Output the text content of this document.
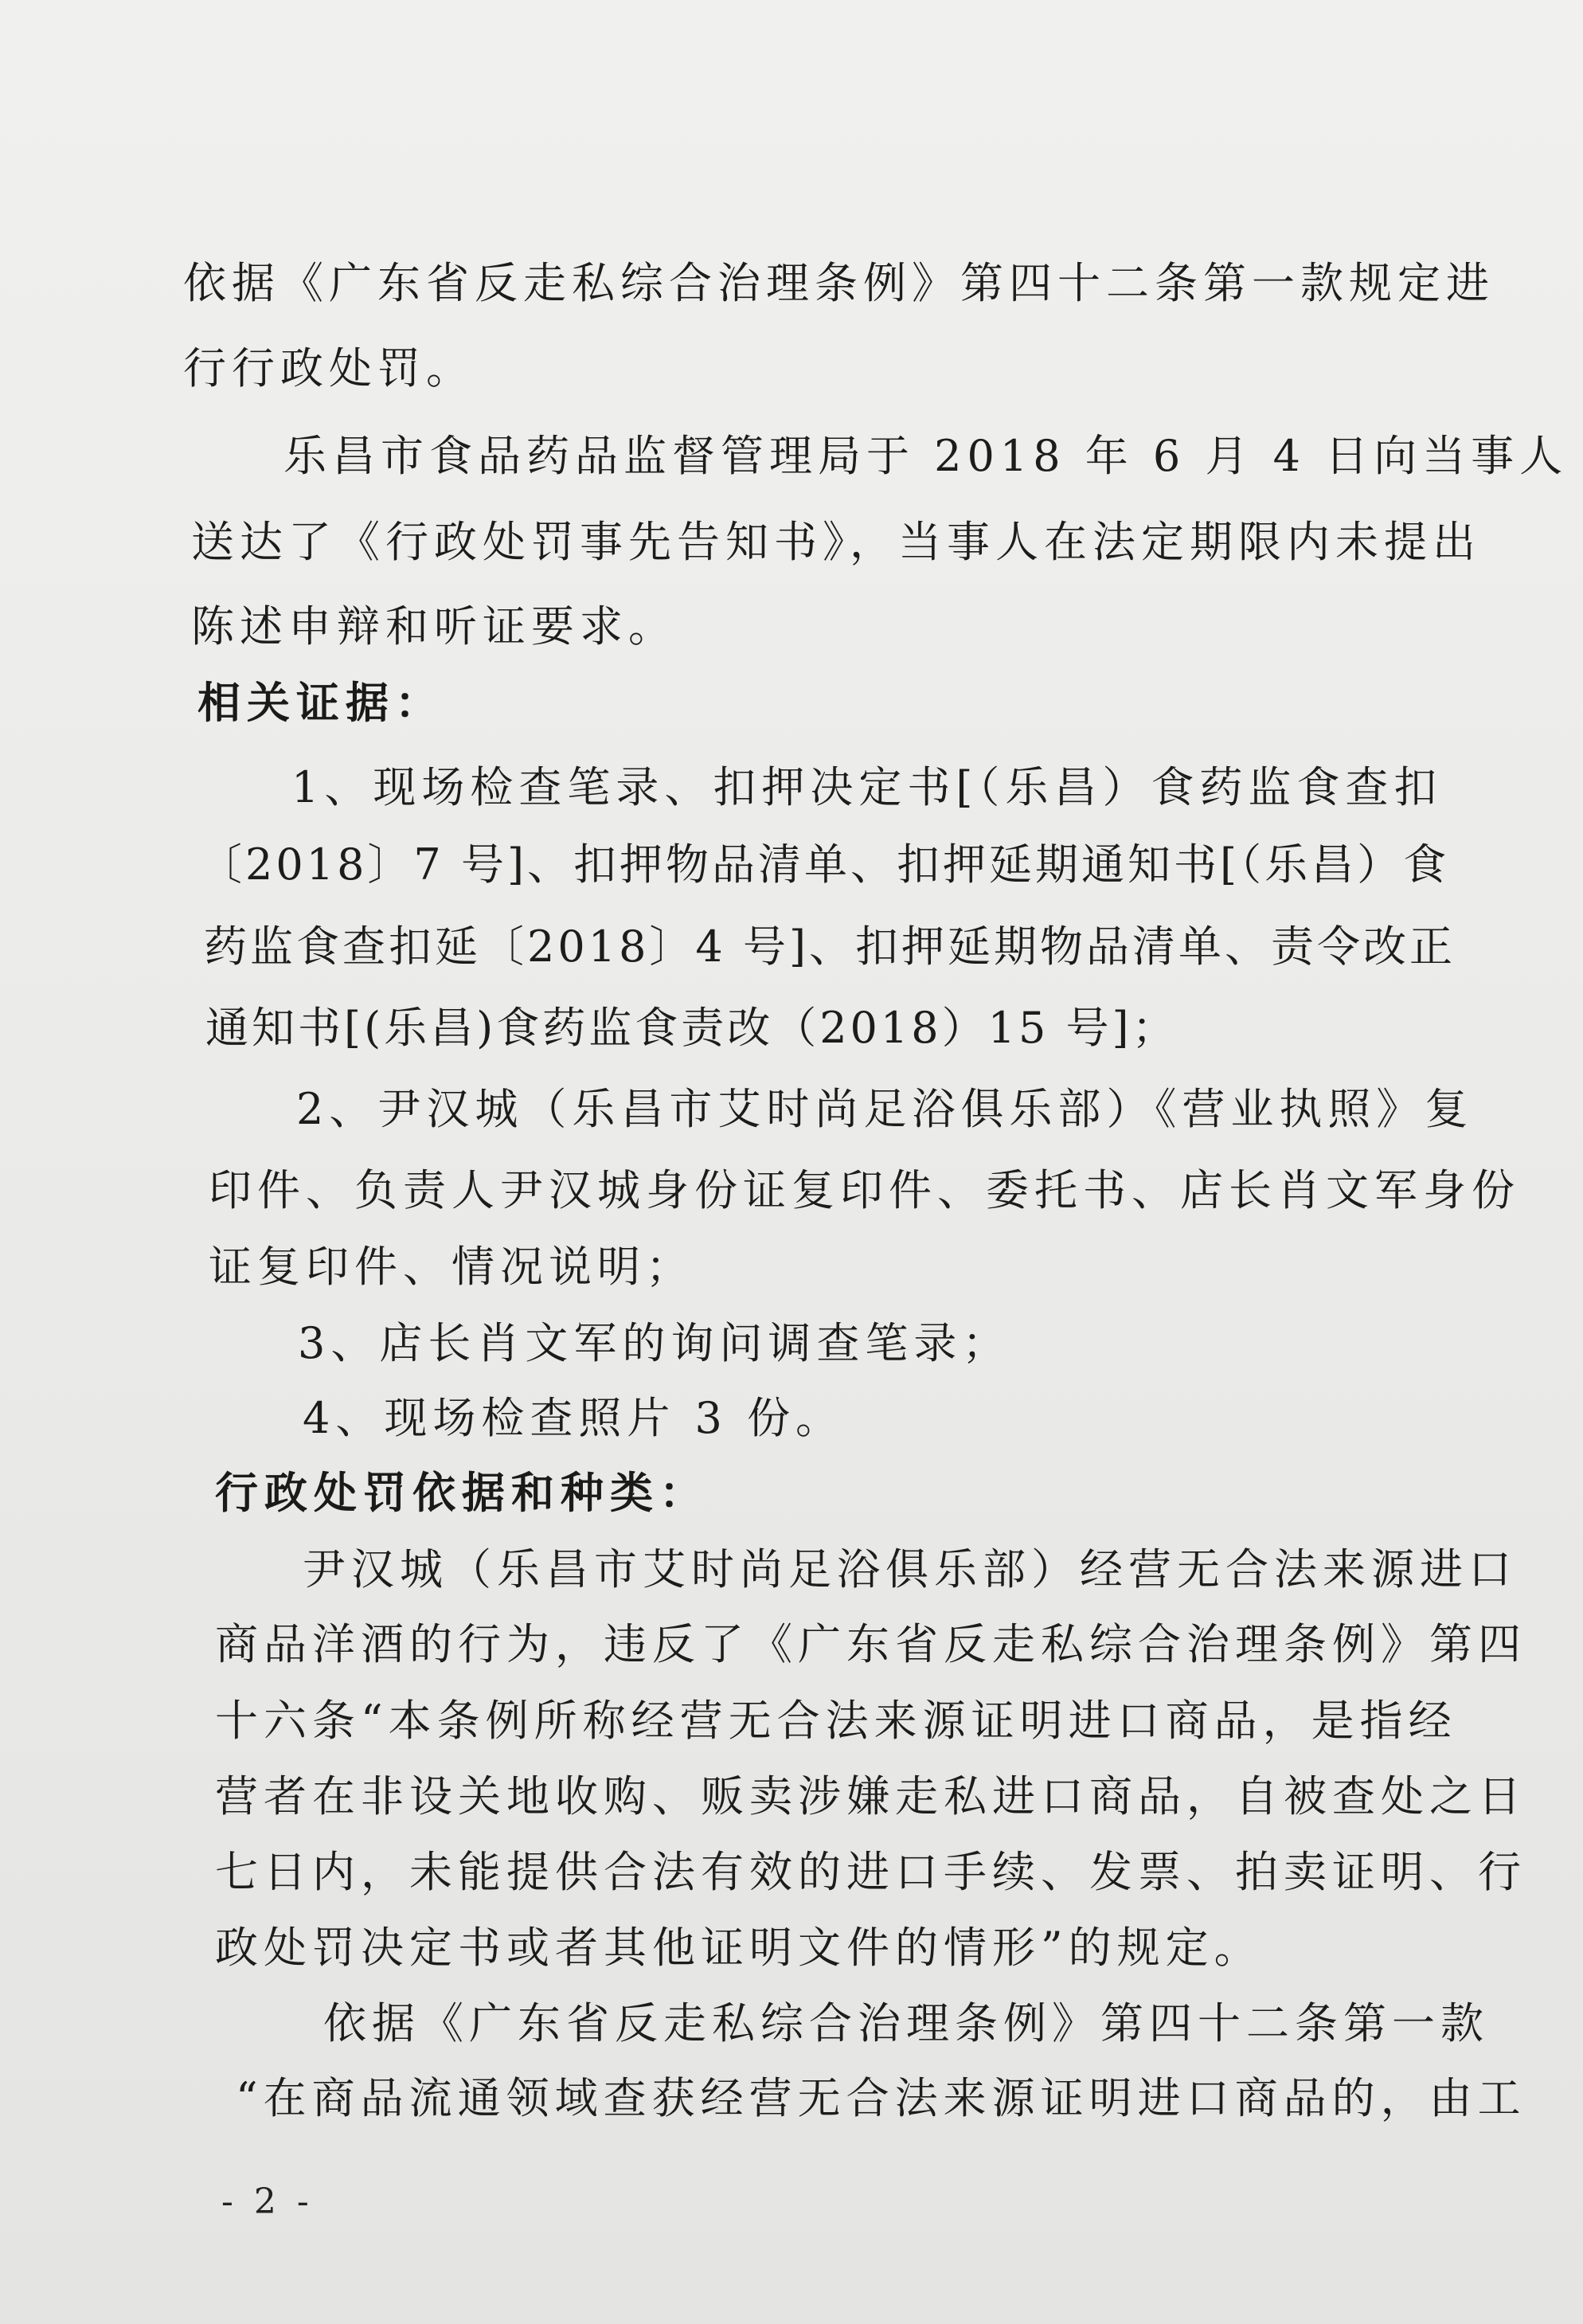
依据《广东省反走私综合治理条例》第四十二条第一款规定进

行行政处罚。

乐昌市食品药品监督管理局于 2018 年 6 月 4 日向当事人

送达了《行政处罚事先告知书》，当事人在法定期限内未提出

陈述申辩和听证要求。

相关证据：

1、现场检查笔录、扣押决定书[（乐昌）食药监食查扣

〔2018〕7 号]、扣押物品清单、扣押延期通知书[（乐昌）食

药监食查扣延〔2018〕4 号]、扣押延期物品清单、责令改正

通知书[(乐昌)食药监食责改（2018）15 号]；

2、尹汉城（乐昌市艾时尚足浴俱乐部）《营业执照》复

印件、负责人尹汉城身份证复印件、委托书、店长肖文军身份

证复印件、情况说明；

3、店长肖文军的询问调查笔录；

4、现场检查照片 3 份。

行政处罚依据和种类：

尹汉城（乐昌市艾时尚足浴俱乐部）经营无合法来源进口

商品洋酒的行为，违反了《广东省反走私综合治理条例》第四

十六条“本条例所称经营无合法来源证明进口商品，是指经

营者在非设关地收购、贩卖涉嫌走私进口商品，自被查处之日

七日内，未能提供合法有效的进口手续、发票、拍卖证明、行

政处罚决定书或者其他证明文件的情形”的规定。

依据《广东省反走私综合治理条例》第四十二条第一款

“在商品流通领域查获经营无合法来源证明进口商品的，由工

- 2 -
